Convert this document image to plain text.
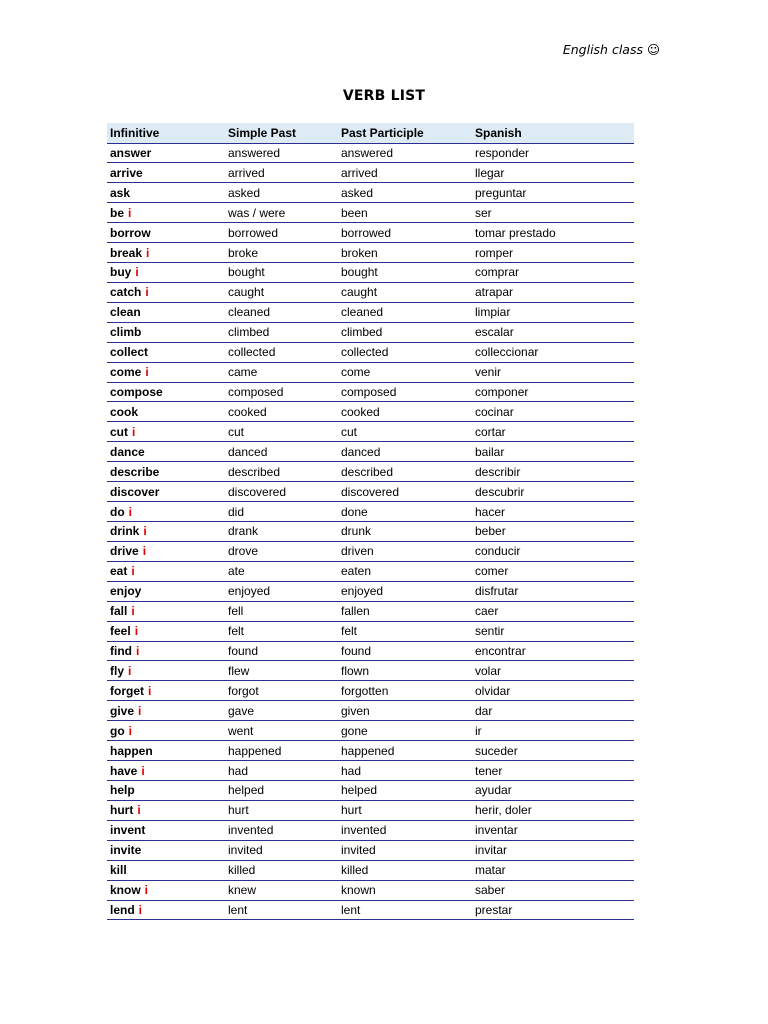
English class ☺
VERB LIST
Infinitive	Simple Past	Past Participle	Spanish
answer	answered	answered	responder
arrive	arrived	arrived	llegar
ask	asked	asked	preguntar
be i	was / were	been	ser
borrow	borrowed	borrowed	tomar prestado
break i	broke	broken	romper
buy i	bought	bought	comprar
catch i	caught	caught	atrapar
clean	cleaned	cleaned	limpiar
climb	climbed	climbed	escalar
collect	collected	collected	colleccionar
come i	came	come	venir
compose	composed	composed	componer
cook	cooked	cooked	cocinar
cut i	cut	cut	cortar
dance	danced	danced	bailar
describe	described	described	describir
discover	discovered	discovered	descubrir
do i	did	done	hacer
drink i	drank	drunk	beber
drive i	drove	driven	conducir
eat i	ate	eaten	comer
enjoy	enjoyed	enjoyed	disfrutar
fall i	fell	fallen	caer
feel i	felt	felt	sentir
find i	found	found	encontrar
fly i	flew	flown	volar
forget i	forgot	forgotten	olvidar
give i	gave	given	dar
go i	went	gone	ir
happen	happened	happened	suceder
have i	had	had	tener
help	helped	helped	ayudar
hurt i	hurt	hurt	herir, doler
invent	invented	invented	inventar
invite	invited	invited	invitar
kill	killed	killed	matar
know i	knew	known	saber
lend i	lent	lent	prestar
